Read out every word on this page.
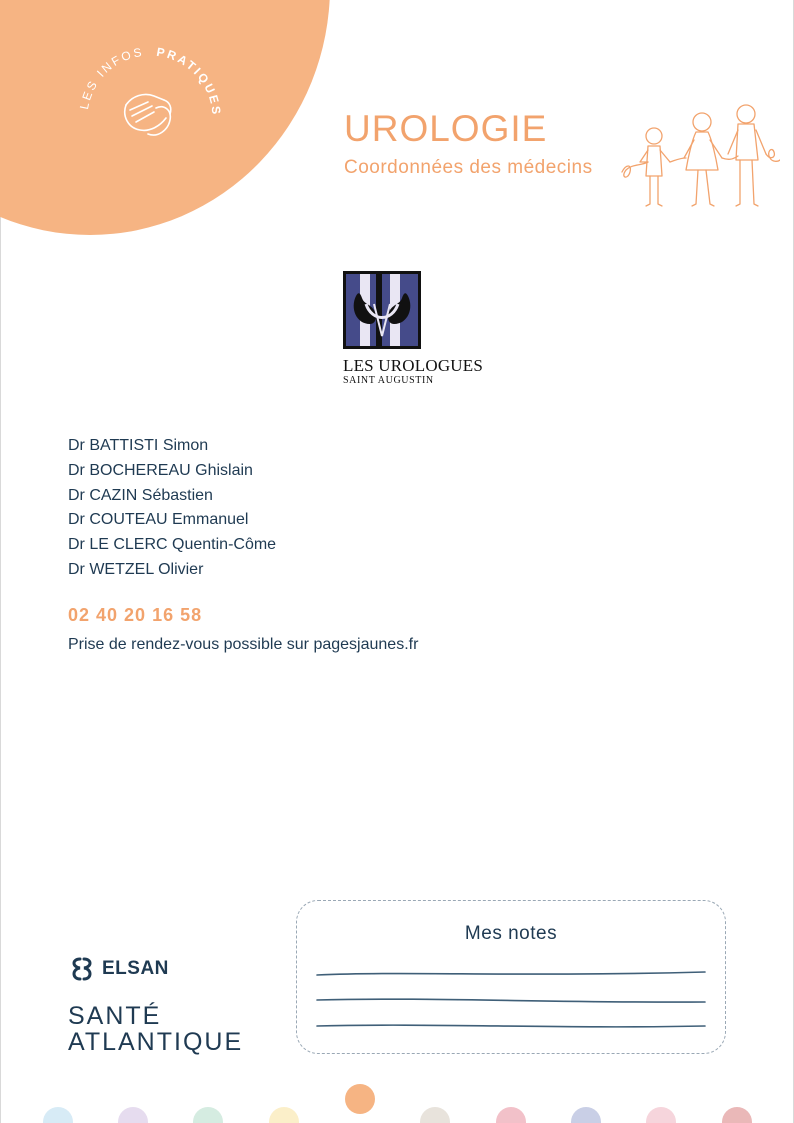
LES INFOS PRATIQUES	UROLOGIE
Coordonnées des médecins
LES UROLOGUES
SAINT AUGUSTIN
Dr BATTISTI Simon
Dr BOCHEREAU Ghislain
Dr CAZIN Sébastien
Dr COUTEAU Emmanuel
Dr LE CLERC Quentin-Côme
Dr WETZEL Olivier
02 40 20 16 58
Prise de rendez-vous possible sur pagesjaunes.fr
ELSAN
SANTÉ
ATLANTIQUE
Mes notes
